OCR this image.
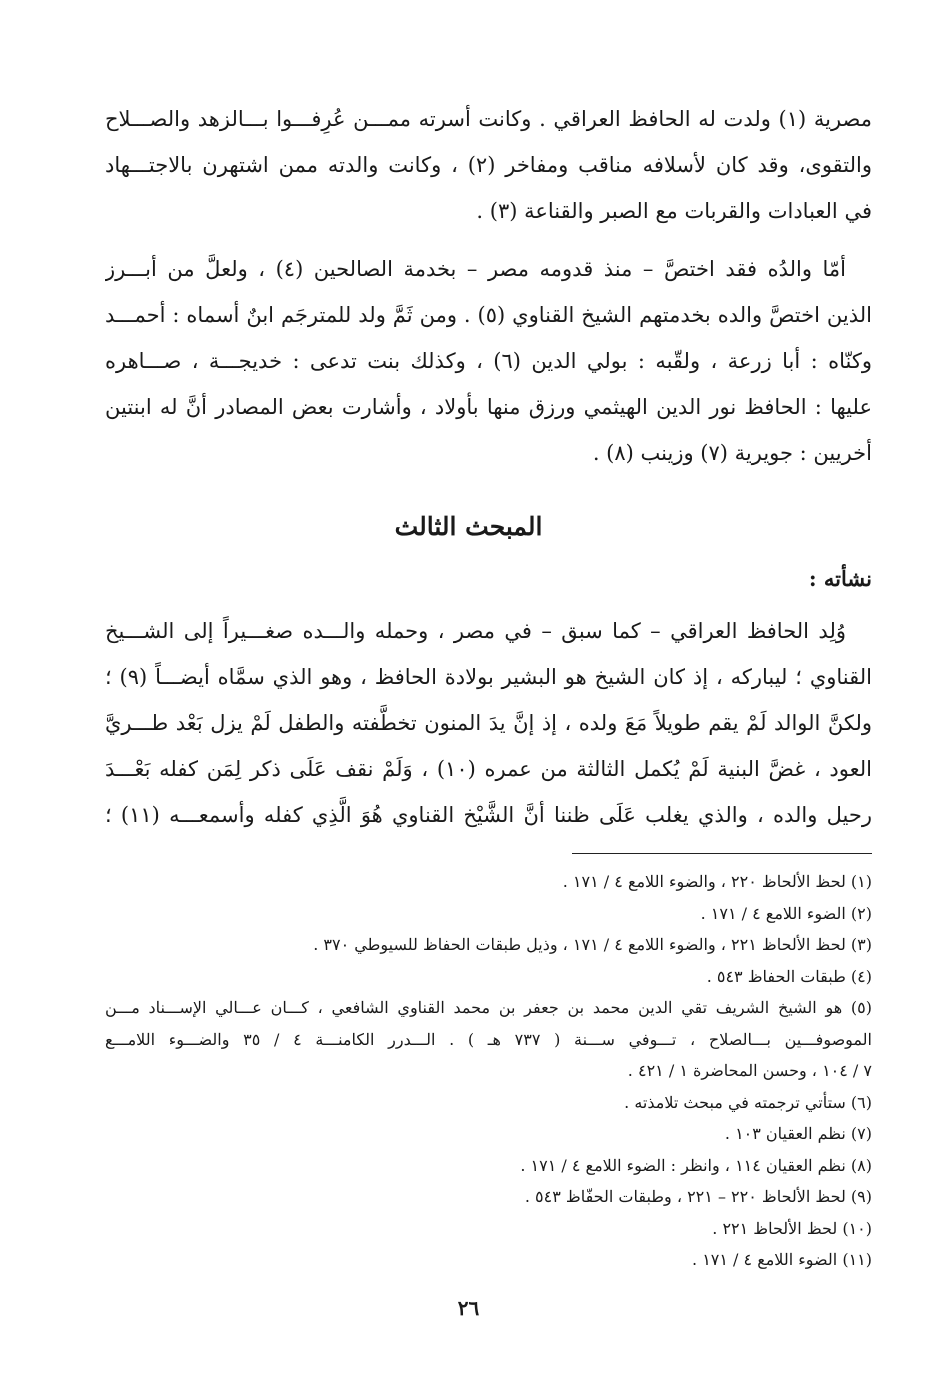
مصرية (١) ولدت له الحافظ العراقي . وكانت أسرته ممـــن عُرِفـــوا بـــالزهد والصـــلاح
والتقوى، وقد كان لأسلافه مناقب ومفاخر (٢) ، وكانت والدته ممن اشتهرن بالاجتـــهاد
في العبادات والقربات مع الصبر والقناعة (٣) .
أمّا والدُه فقد اختصَّ – منذ قدومه مصر – بخدمة الصالحين (٤) ، ولعلَّ من أبـــرز
الذين اختصَّ والده بخدمتهم الشيخ القناوي (٥) . ومن ثَمَّ ولد للمترجَم ابنٌ أسماه : أحمـــد
وكنّاه : أبا زرعة ، ولقّبه : بولي الدين (٦) ، وكذلك بنت تدعى : خديجـــة ، صـــاهره
عليها : الحافظ نور الدين الهيثمي ورزق منها بأولاد ، وأشارت بعض المصادر أنَّ له ابنتين
أخريين : جويرية (٧) وزينب (٨) .
المبحث الثالث
نشأته :
وُلِد الحافظ العراقي – كما سبق – في مصر ، وحمله والـــده صغـــيراً إلى الشـــيخ
القناوي ؛ ليباركه ، إذ كان الشيخ هو البشير بولادة الحافظ ، وهو الذي سمَّاه أيضـــاً (٩) ؛
ولكنَّ الوالد لَمْ يقم طويلاً مَعَ ولده ، إذ إنَّ يدَ المنون تخطَّفته والطفل لَمْ يزل بَعْد طـــريَّ
العود ، غضَّ البنية لَمْ يُكمل الثالثة من عمره (١٠) ، وَلَمْ نقف عَلَى ذكر لِمَن كفله بَعْـــدَ
رحيل والده ، والذي يغلب عَلَى ظننا أنَّ الشَّيْخ القناوي هُوَ الَّذِي كفله وأسمعـــه (١١) ؛
(١) لحظ الألحاظ ٢٢٠ ، والضوء اللامع ٤ / ١٧١ .
(٢) الضوء اللامع ٤ / ١٧١ .
(٣) لحظ الألحاظ ٢٢١ ، والضوء اللامع ٤ / ١٧١ ، وذيل طبقات الحفاظ للسيوطي ٣٧٠ .
(٤) طبقات الحفاظ ٥٤٣ .
(٥) هو الشيخ الشريف تقي الدين محمد بن جعفر بن محمد القناوي الشافعي ، كـــان عـــالي الإســـناد مـــن
الموصوفـــين بـــالصلاح ، تـــوفي ســـنة ( ٧٣٧ هـ ) . الـــدرر الكامنـــة ٤ / ٣٥ والضـــوء اللامـــع
٧ / ١٠٤ ، وحسن المحاضرة ١ / ٤٢١ .
(٦) ستأتي ترجمته في مبحث تلامذته .
(٧) نظم العقيان ١٠٣ .
(٨) نظم العقيان ١١٤ ، وانظر : الضوء اللامع ٤ / ١٧١ .
(٩) لحظ الألحاظ ٢٢٠ – ٢٢١ ، وطبقات الحفّاظ ٥٤٣ .
(١٠) لحظ الألحاظ ٢٢١ .
(١١) الضوء اللامع ٤ / ١٧١ .
٢٦
